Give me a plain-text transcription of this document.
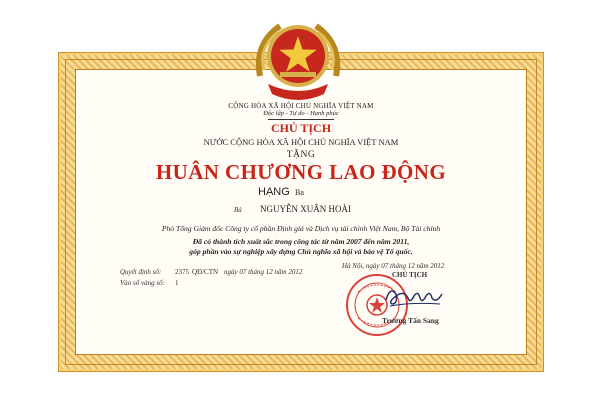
CỘNG HÒA XÃ HỘI CHỦ NGHĨA VIỆT NAM
Độc lập - Tự do - Hạnh phúc
CHỦ TỊCH
NƯỚC CỘNG HÒA XÃ HỘI CHỦ NGHĨA VIỆT NAM
TẶNG
HUÂN CHƯƠNG LAO ĐỘNG
HẠNG Ba
Bà NGUYỄN XUÂN HOÀI
Phó Tổng Giám đốc Công ty cổ phần Định giá và Dịch vụ tài chính Việt Nam, Bộ Tài chính
Đã có thành tích xuất sắc trong công tác từ năm 2007 đến năm 2011,
góp phần vào sự nghiệp xây dựng Chủ nghĩa xã hội và bảo vệ Tổ quốc.
Quyết định số: 2375 QĐ/CTN ngày 07 tháng 12 năm 2012
Vào sổ vàng số: 1
Hà Nội, ngày 07 tháng 12 năm 2012
CHỦ TỊCH
Trương Tấn Sang
